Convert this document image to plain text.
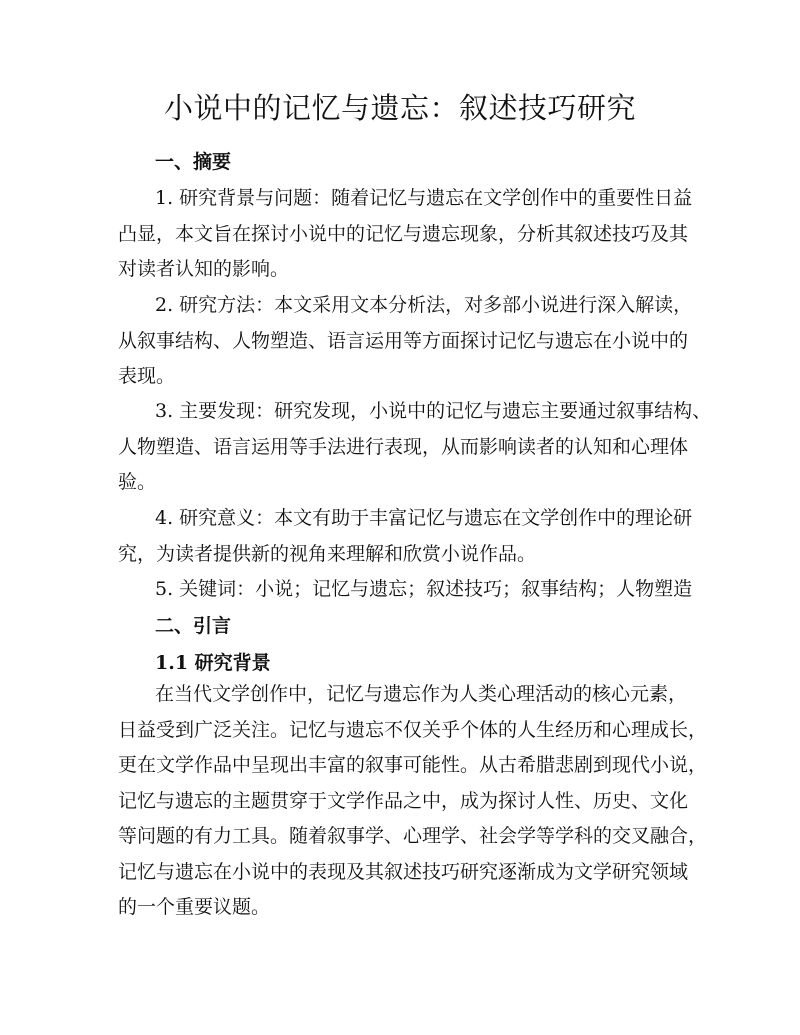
小说中的记忆与遗忘：叙述技巧研究
一、摘要

1. 研究背景与问题：随着记忆与遗忘在文学创作中的重要性日益
凸显，本文旨在探讨小说中的记忆与遗忘现象，分析其叙述技巧及其
对读者认知的影响。

2. 研究方法：本文采用文本分析法，对多部小说进行深入解读，
从叙事结构、人物塑造、语言运用等方面探讨记忆与遗忘在小说中的
表现。

3. 主要发现：研究发现，小说中的记忆与遗忘主要通过叙事结构、
人物塑造、语言运用等手法进行表现，从而影响读者的认知和心理体
验。

4. 研究意义：本文有助于丰富记忆与遗忘在文学创作中的理论研
究，为读者提供新的视角来理解和欣赏小说作品。

5. 关键词：小说；记忆与遗忘；叙述技巧；叙事结构；人物塑造

二、引言
1.1 研究背景

在当代文学创作中，记忆与遗忘作为人类心理活动的核心元素，
日益受到广泛关注。记忆与遗忘不仅关乎个体的人生经历和心理成长，
更在文学作品中呈现出丰富的叙事可能性。从古希腊悲剧到现代小说，
记忆与遗忘的主题贯穿于文学作品之中，成为探讨人性、历史、文化
等问题的有力工具。随着叙事学、心理学、社会学等学科的交叉融合，
记忆与遗忘在小说中的表现及其叙述技巧研究逐渐成为文学研究领域
的一个重要议题。
